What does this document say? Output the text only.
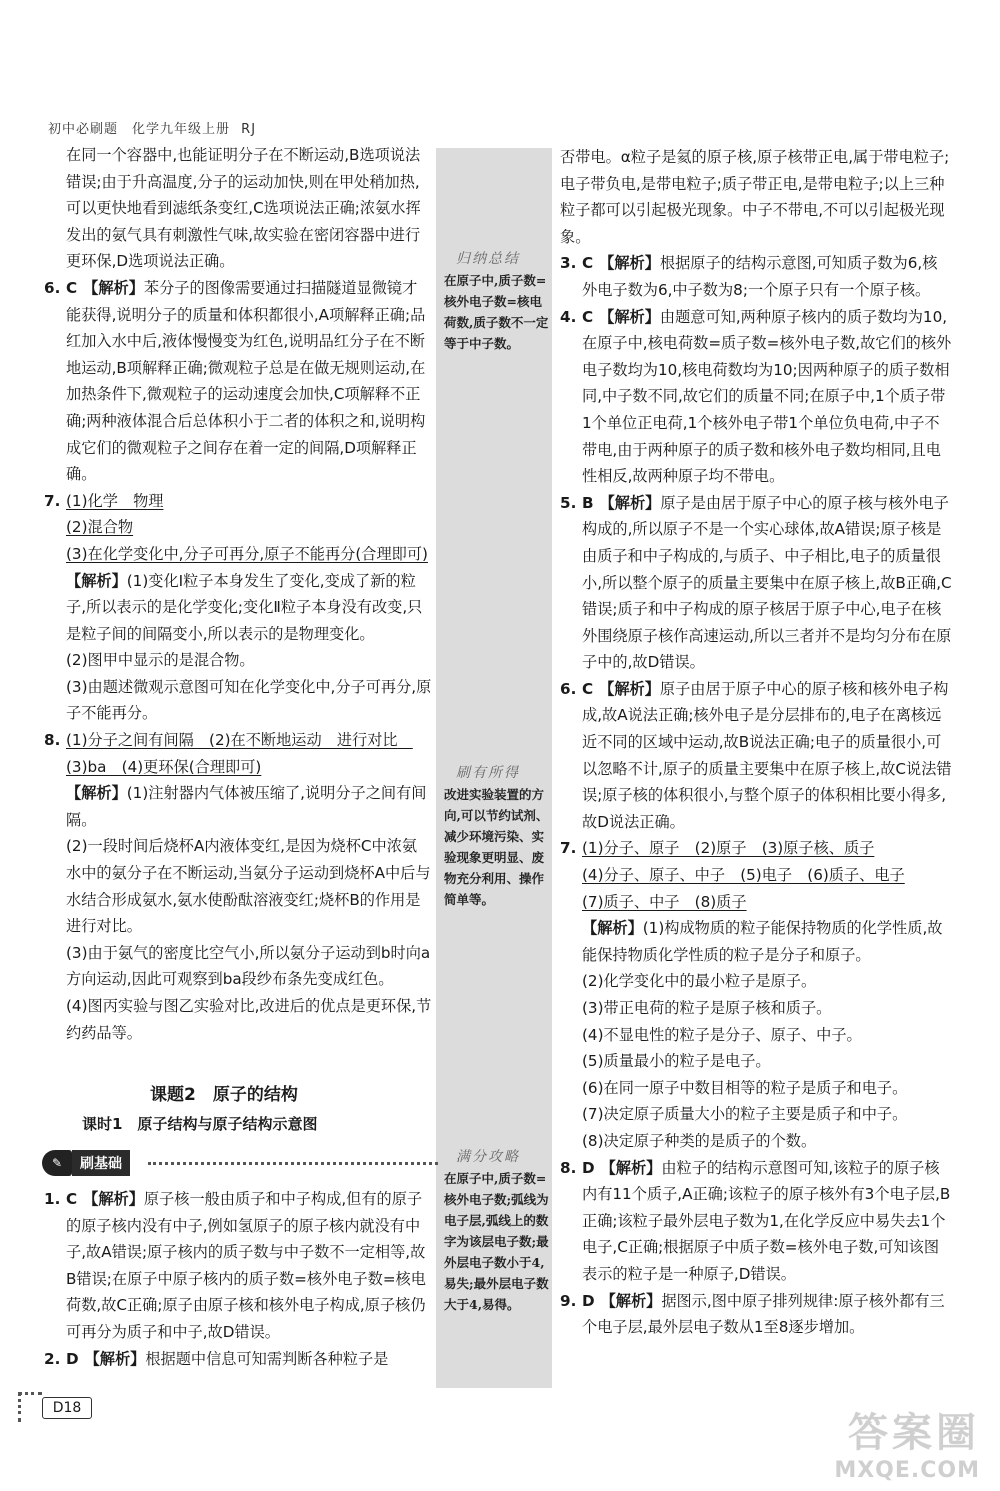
初中必刷题　化学九年级上册 RJ
归纳总结
在原子中,质子数=核外电子数=核电荷数,质子数不一定等于中子数。
刷有所得
改进实验装置的方向,可以节约试剂、减少环境污染、实验现象更明显、废物充分利用、操作简单等。
满分攻略
在原子中,质子数=核外电子数;弧线为电子层,弧线上的数字为该层电子数;最外层电子数小于4,易失;最外层电子数大于4,易得。
在同一个容器中,也能证明分子在不断运动,B选项说法错误;由于升高温度,分子的运动加快,则在甲处稍加热,可以更快地看到滤纸条变红,C选项说法正确;浓氨水挥发出的氨气具有刺激性气味,故实验在密闭容器中进行更环保,D选项说法正确。
6. C 【解析】苯分子的图像需要通过扫描隧道显微镜才能获得,说明分子的质量和体积都很小,A项解释正确;品红加入水中后,液体慢慢变为红色,说明品红分子在不断地运动,B项解释正确;微观粒子总是在做无规则运动,在加热条件下,微观粒子的运动速度会加快,C项解释不正确;两种液体混合后总体积小于二者的体积之和,说明构成它们的微观粒子之间存在着一定的间隔,D项解释正确。
7. (1)化学　物理
(2)混合物
(3)在化学变化中,分子可再分,原子不能再分(合理即可)
【解析】(1)变化Ⅰ粒子本身发生了变化,变成了新的粒子,所以表示的是化学变化;变化Ⅱ粒子本身没有改变,只是粒子间的间隔变小,所以表示的是物理变化。
(2)图甲中显示的是混合物。
(3)由题述微观示意图可知在化学变化中,分子可再分,原子不能再分。
8. (1)分子之间有间隔　(2)在不断地运动　进行对比　(3)ba　(4)更环保(合理即可)
【解析】(1)注射器内气体被压缩了,说明分子之间有间隔。
(2)一段时间后烧杯A内液体变红,是因为烧杯C中浓氨水中的氨分子在不断运动,当氨分子运动到烧杯A中后与水结合形成氨水,氨水使酚酞溶液变红;烧杯B的作用是进行对比。
(3)由于氨气的密度比空气小,所以氨分子运动到b时向a方向运动,因此可观察到ba段纱布条先变成红色。
(4)图丙实验与图乙实验对比,改进后的优点是更环保,节约药品等。
课题2　原子的结构
课时1　原子结构与原子结构示意图
✎	刷基础
1. C 【解析】原子核一般由质子和中子构成,但有的原子的原子核内没有中子,例如氢原子的原子核内就没有中子,故A错误;原子核内的质子数与中子数不一定相等,故B错误;在原子中原子核内的质子数=核外电子数=核电荷数,故C正确;原子由原子核和核外电子构成,原子核仍可再分为质子和中子,故D错误。
2. D 【解析】根据题中信息可知需判断各种粒子是
否带电。α粒子是氦的原子核,原子核带正电,属于带电粒子;电子带负电,是带电粒子;质子带正电,是带电粒子;以上三种粒子都可以引起极光现象。中子不带电,不可以引起极光现象。
3. C 【解析】根据原子的结构示意图,可知质子数为6,核外电子数为6,中子数为8;一个原子只有一个原子核。
4. C 【解析】由题意可知,两种原子核内的质子数均为10,在原子中,核电荷数=质子数=核外电子数,故它们的核外电子数均为10,核电荷数均为10;因两种原子的质子数相同,中子数不同,故它们的质量不同;在原子中,1个质子带1个单位正电荷,1个核外电子带1个单位负电荷,中子不带电,由于两种原子的质子数和核外电子数均相同,且电性相反,故两种原子均不带电。
5. B 【解析】原子是由居于原子中心的原子核与核外电子构成的,所以原子不是一个实心球体,故A错误;原子核是由质子和中子构成的,与质子、中子相比,电子的质量很小,所以整个原子的质量主要集中在原子核上,故B正确,C错误;质子和中子构成的原子核居于原子中心,电子在核外围绕原子核作高速运动,所以三者并不是均匀分布在原子中的,故D错误。
6. C 【解析】原子由居于原子中心的原子核和核外电子构成,故A说法正确;核外电子是分层排布的,电子在离核远近不同的区域中运动,故B说法正确;电子的质量很小,可以忽略不计,原子的质量主要集中在原子核上,故C说法错误;原子核的体积很小,与整个原子的体积相比要小得多,故D说法正确。
7. (1)分子、原子　(2)原子　(3)原子核、质子
(4)分子、原子、中子　(5)电子　(6)质子、电子
(7)质子、中子　(8)质子
【解析】(1)构成物质的粒子能保持物质的化学性质,故能保持物质化学性质的粒子是分子和原子。
(2)化学变化中的最小粒子是原子。
(3)带正电荷的粒子是原子核和质子。
(4)不显电性的粒子是分子、原子、中子。
(5)质量最小的粒子是电子。
(6)在同一原子中数目相等的粒子是质子和电子。
(7)决定原子质量大小的粒子主要是质子和中子。
(8)决定原子种类的是质子的个数。
8. D 【解析】由粒子的结构示意图可知,该粒子的原子核内有11个质子,A正确;该粒子的原子核外有3个电子层,B正确;该粒子最外层电子数为1,在化学反应中易失去1个电子,C正确;根据原子中质子数=核外电子数,可知该图表示的粒子是一种原子,D错误。
9. D 【解析】据图示,图中原子排列规律:原子核外都有三个电子层,最外层电子数从1至8逐步增加。
D18
答案圈
MXQE.COM
